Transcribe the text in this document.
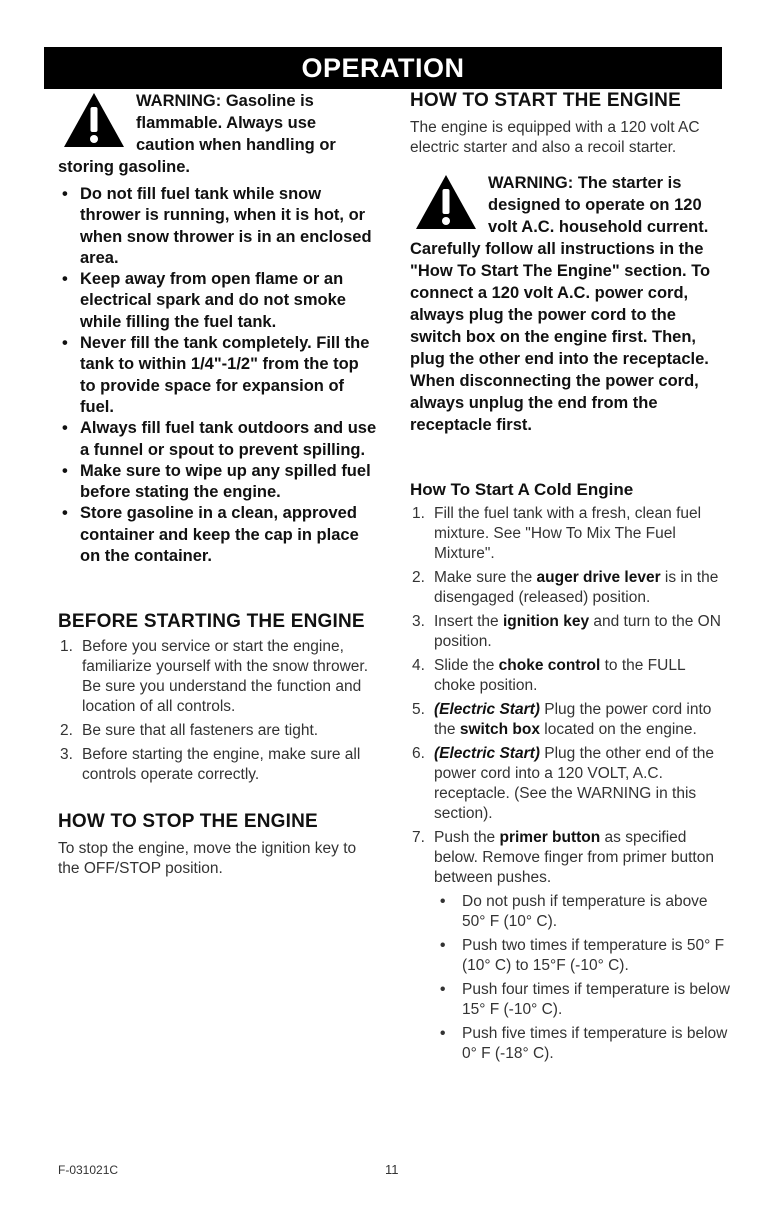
OPERATION

WARNING: Gasoline is flammable. Always use caution when handling or storing gasoline.

• Do not fill fuel tank while snow thrower is running, when it is hot, or when snow thrower is in an enclosed area.
• Keep away from open flame or an electrical spark and do not smoke while filling the fuel tank.
• Never fill the tank completely. Fill the tank to within 1/4"-1/2" from the top to provide space for expansion of fuel.
• Always fill fuel tank outdoors and use a funnel or spout to prevent spilling.
• Make sure to wipe up any spilled fuel before stating the engine.
• Store gasoline in a clean, approved container and keep the cap in place on the container.
BEFORE STARTING THE ENGINE
1. Before you service or start the engine, familiarize yourself with the snow thrower. Be sure you understand the function and location of all controls.
2. Be sure that all fasteners are tight.
3. Before starting the engine, make sure all controls operate correctly.
HOW TO STOP THE ENGINE

To stop the engine, move the ignition key to the OFF/STOP position.

HOW TO START THE ENGINE

The engine is equipped with a 120 volt AC electric starter and also a recoil starter.

WARNING: The starter is designed to operate on 120 volt A.C. household current. Carefully follow all instructions in the "How To Start The Engine" section. To connect a 120 volt A.C. power cord, always plug the power cord to the switch box on the engine first. Then, plug the other end into the receptacle. When disconnecting the power cord, always unplug the end from the receptacle first.

How To Start A Cold Engine
1. Fill the fuel tank with a fresh, clean fuel mixture. See "How To Mix The Fuel Mixture".
2. Make sure the auger drive lever is in the disengaged (released) position.
3. Insert the ignition key and turn to the ON position.
4. Slide the choke control to the FULL choke position.
5. (Electric Start) Plug the power cord into the switch box located on the engine.
6. (Electric Start) Plug the other end of the power cord into a 120 VOLT, A.C. receptacle. (See the WARNING in this section).
7. Push the primer button as specified below. Remove finger from primer button between pushes.
• Do not push if temperature is above 50° F (10° C).
• Push two times if temperature is 50° F (10° C) to 15°F (-10° C).
• Push four times if temperature is below 15° F (-10° C).
• Push five times if temperature is below 0° F (-18° C).
F-031021C	11
